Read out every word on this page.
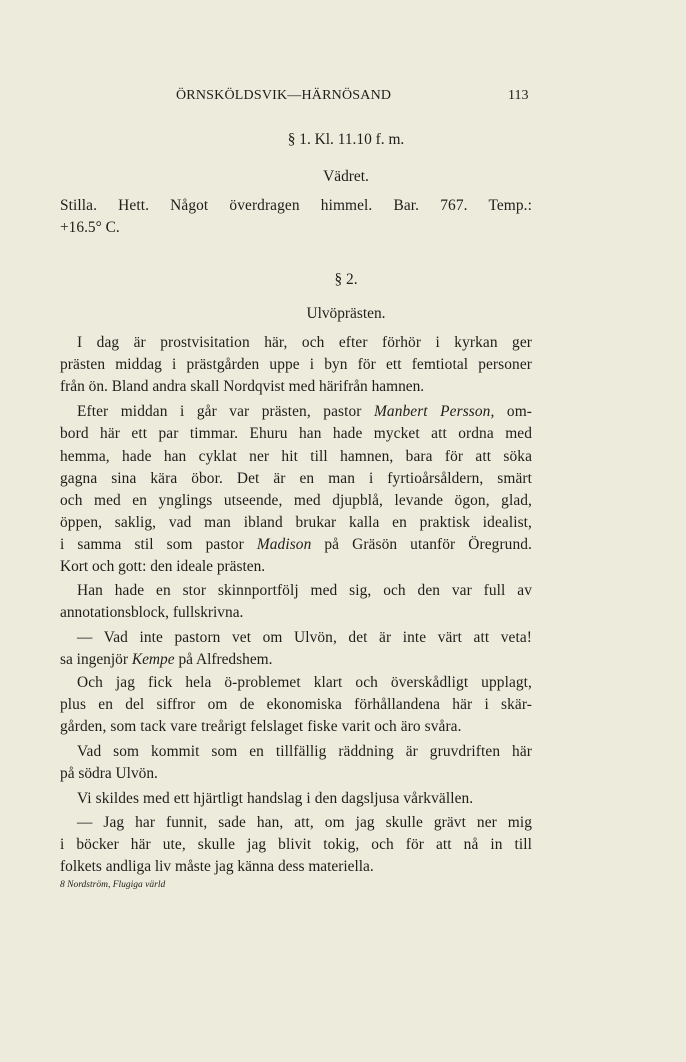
ÖRNSKÖLDSVIK—HÄRNÖSAND	113
§ 1. Kl. 11.10 f. m.
Vädret.
Stilla. Hett. Något överdragen himmel. Bar. 767. Temp.:
+16.5° C.
§ 2.
Ulvöprästen.
I dag är prostvisitation här, och efter förhör i kyrkan ger
prästen middag i prästgården uppe i byn för ett femtiotal personer
från ön. Bland andra skall Nordqvist med härifrån hamnen.
Efter middan i går var prästen, pastor Manbert Persson, om-
bord här ett par timmar. Ehuru han hade mycket att ordna med
hemma, hade han cyklat ner hit till hamnen, bara för att söka
gagna sina kära öbor. Det är en man i fyrtioårsåldern, smärt
och med en ynglings utseende, med djupblå, levande ögon, glad,
öppen, saklig, vad man ibland brukar kalla en praktisk idealist,
i samma stil som pastor Madison på Gräsön utanför Öregrund.
Kort och gott: den ideale prästen.
Han hade en stor skinnportfölj med sig, och den var full av
annotationsblock, fullskrivna.
— Vad inte pastorn vet om Ulvön, det är inte värt att veta!
sa ingenjör Kempe på Alfredshem.
Och jag fick hela ö-problemet klart och överskådligt upplagt,
plus en del siffror om de ekonomiska förhållandena här i skär-
gården, som tack vare treårigt felslaget fiske varit och äro svåra.
Vad som kommit som en tillfällig räddning är gruvdriften här
på södra Ulvön.
Vi skildes med ett hjärtligt handslag i den dagsljusa vårkvällen.
— Jag har funnit, sade han, att, om jag skulle grävt ner mig
i böcker här ute, skulle jag blivit tokig, och för att nå in till
folkets andliga liv måste jag känna dess materiella.
8 Nordström, Flugiga värld
